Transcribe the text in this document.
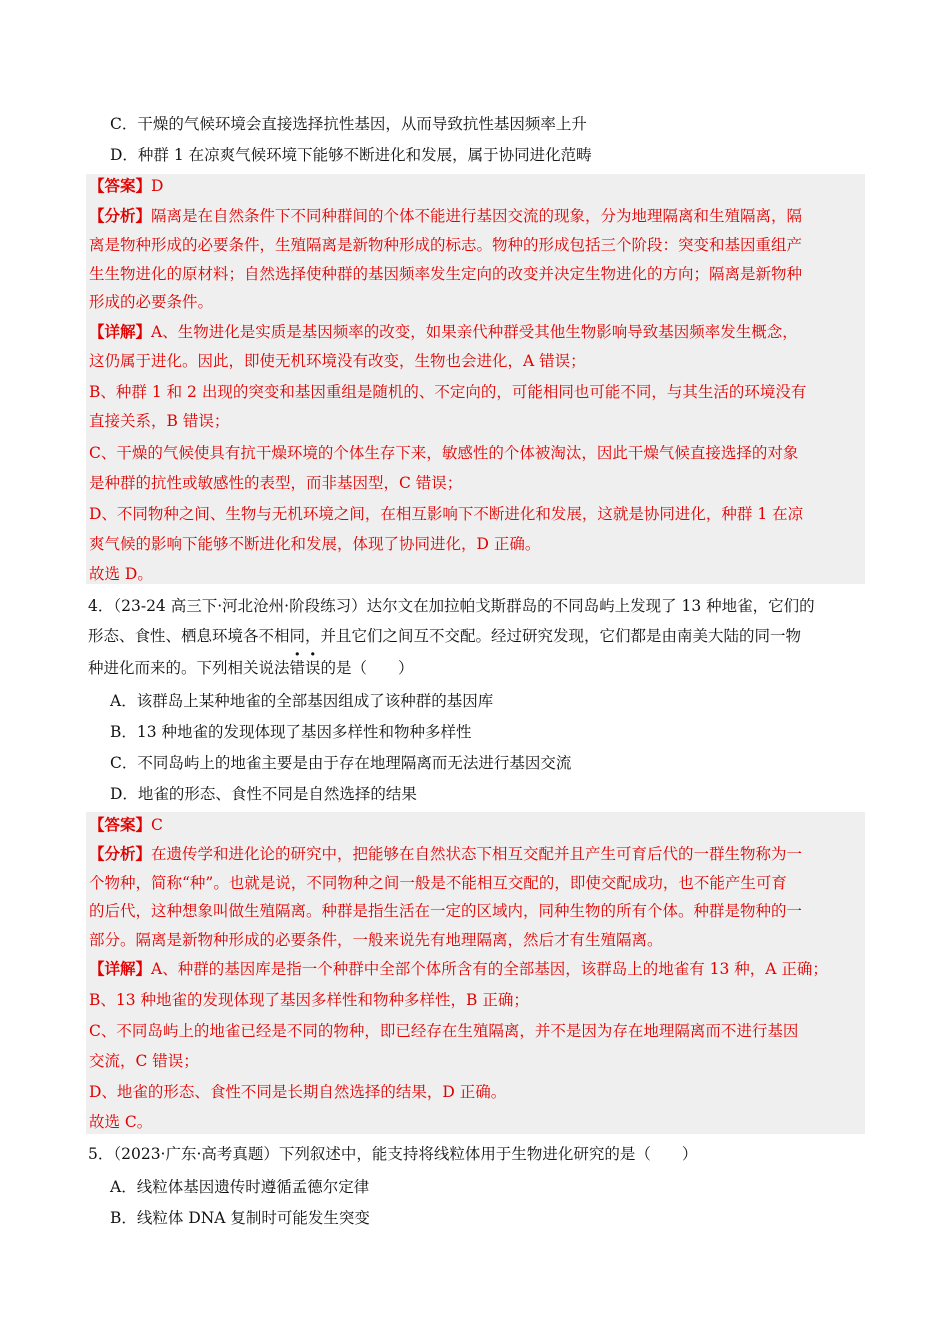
C．干燥的气候环境会直接选择抗性基因，从而导致抗性基因频率上升
D．种群 1 在凉爽气候环境下能够不断进化和发展，属于协同进化范畴
【答案】D
【分析】隔离是在自然条件下不同种群间的个体不能进行基因交流的现象，分为地理隔离和生殖隔离，隔
离是物种形成的必要条件，生殖隔离是新物种形成的标志。物种的形成包括三个阶段：突变和基因重组产
生生物进化的原材料；自然选择使种群的基因频率发生定向的改变并决定生物进化的方向；隔离是新物种
形成的必要条件。
【详解】A、生物进化是实质是基因频率的改变，如果亲代种群受其他生物影响导致基因频率发生概念，
这仍属于进化。因此，即使无机环境没有改变，生物也会进化，A 错误；
B、种群 1 和 2 出现的突变和基因重组是随机的、不定向的，可能相同也可能不同，与其生活的环境没有
直接关系，B 错误；
C、干燥的气候使具有抗干燥环境的个体生存下来，敏感性的个体被淘汰，因此干燥气候直接选择的对象
是种群的抗性或敏感性的表型，而非基因型，C 错误；
D、不同物种之间、生物与无机环境之间，在相互影响下不断进化和发展，这就是协同进化，种群 1 在凉
爽气候的影响下能够不断进化和发展，体现了协同进化，D 正确。
故选 D。
4．（23-24 高三下·河北沧州·阶段练习）达尔文在加拉帕戈斯群岛的不同岛屿上发现了 13 种地雀，它们的
形态、食性、栖息环境各不相同，并且它们之间互不交配。经过研究发现，它们都是由南美大陆的同一物
种进化而来的。下列相关说法错误的是（　　）
A．该群岛上某种地雀的全部基因组成了该种群的基因库
B．13 种地雀的发现体现了基因多样性和物种多样性
C．不同岛屿上的地雀主要是由于存在地理隔离而无法进行基因交流
D．地雀的形态、食性不同是自然选择的结果
【答案】C
【分析】在遗传学和进化论的研究中，把能够在自然状态下相互交配并且产生可育后代的一群生物称为一
个物种，简称“种”。也就是说，不同物种之间一般是不能相互交配的，即使交配成功，也不能产生可育
的后代，这种想象叫做生殖隔离。种群是指生活在一定的区域内，同种生物的所有个体。种群是物种的一
部分。隔离是新物种形成的必要条件，一般来说先有地理隔离，然后才有生殖隔离。
【详解】A、种群的基因库是指一个种群中全部个体所含有的全部基因，该群岛上的地雀有 13 种，A 正确；
B、13 种地雀的发现体现了基因多样性和物种多样性，B 正确；
C、不同岛屿上的地雀已经是不同的物种，即已经存在生殖隔离，并不是因为存在地理隔离而不进行基因
交流，C 错误；
D、地雀的形态、食性不同是长期自然选择的结果，D 正确。
故选 C。
5．（2023·广东·高考真题）下列叙述中，能支持将线粒体用于生物进化研究的是（　　）
A．线粒体基因遗传时遵循孟德尔定律
B．线粒体 DNA 复制时可能发生突变
